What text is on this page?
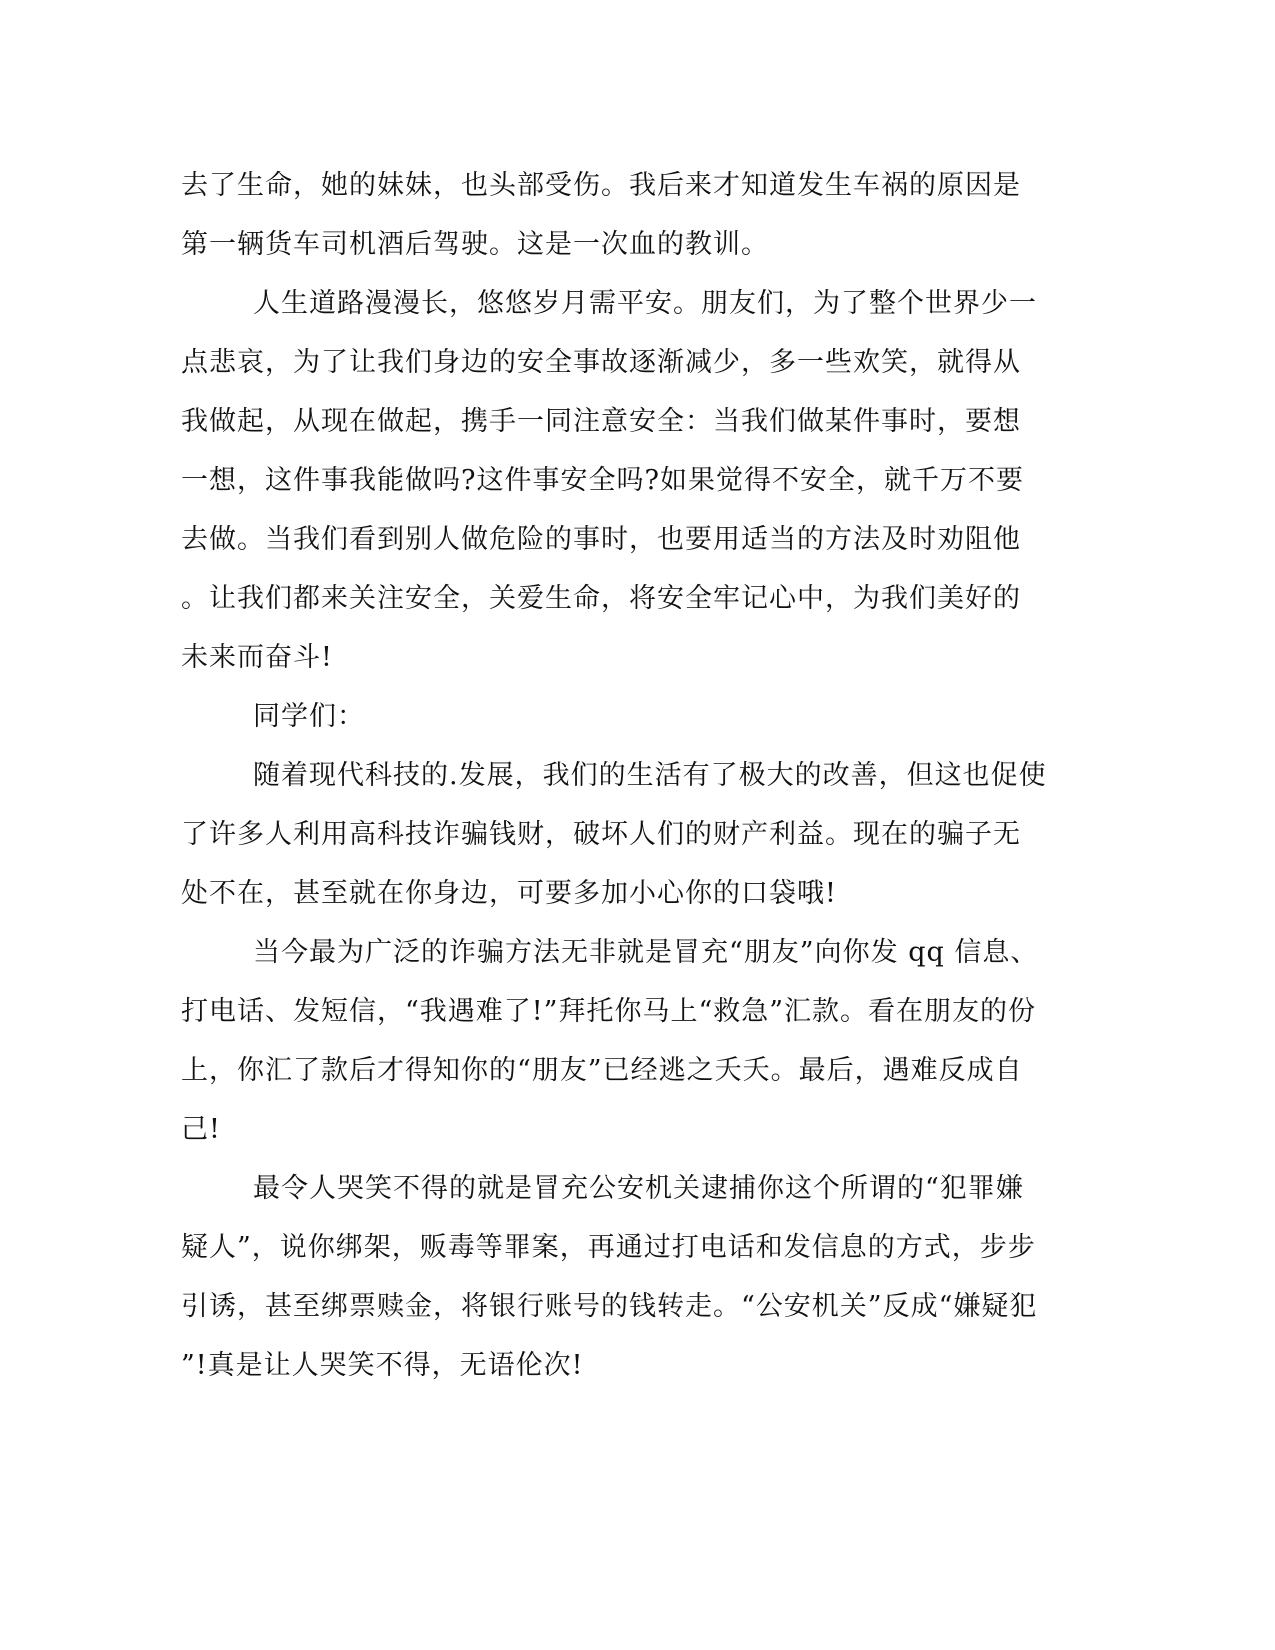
去了生命，她的妹妹，也头部受伤。我后来才知道发生车祸的原因是
第一辆货车司机酒后驾驶。这是一次血的教训。
人生道路漫漫长，悠悠岁月需平安。朋友们，为了整个世界少一
点悲哀，为了让我们身边的安全事故逐渐减少，多一些欢笑，就得从
我做起，从现在做起，携手一同注意安全：当我们做某件事时，要想
一想，这件事我能做吗?这件事安全吗?如果觉得不安全，就千万不要
去做。当我们看到别人做危险的事时，也要用适当的方法及时劝阻他
。让我们都来关注安全，关爱生命，将安全牢记心中，为我们美好的
未来而奋斗!
同学们：
随着现代科技的.发展，我们的生活有了极大的改善，但这也促使
了许多人利用高科技诈骗钱财，破坏人们的财产利益。现在的骗子无
处不在，甚至就在你身边，可要多加小心你的口袋哦!
当今最为广泛的诈骗方法无非就是冒充“朋友”向你发 qq 信息、
打电话、发短信，“我遇难了!”拜托你马上“救急”汇款。看在朋友的份
上，你汇了款后才得知你的“朋友”已经逃之夭夭。最后，遇难反成自
己!
最令人哭笑不得的就是冒充公安机关逮捕你这个所谓的“犯罪嫌
疑人”，说你绑架，贩毒等罪案，再通过打电话和发信息的方式，步步
引诱，甚至绑票赎金，将银行账号的钱转走。“公安机关”反成“嫌疑犯
”!真是让人哭笑不得，无语伦次!
